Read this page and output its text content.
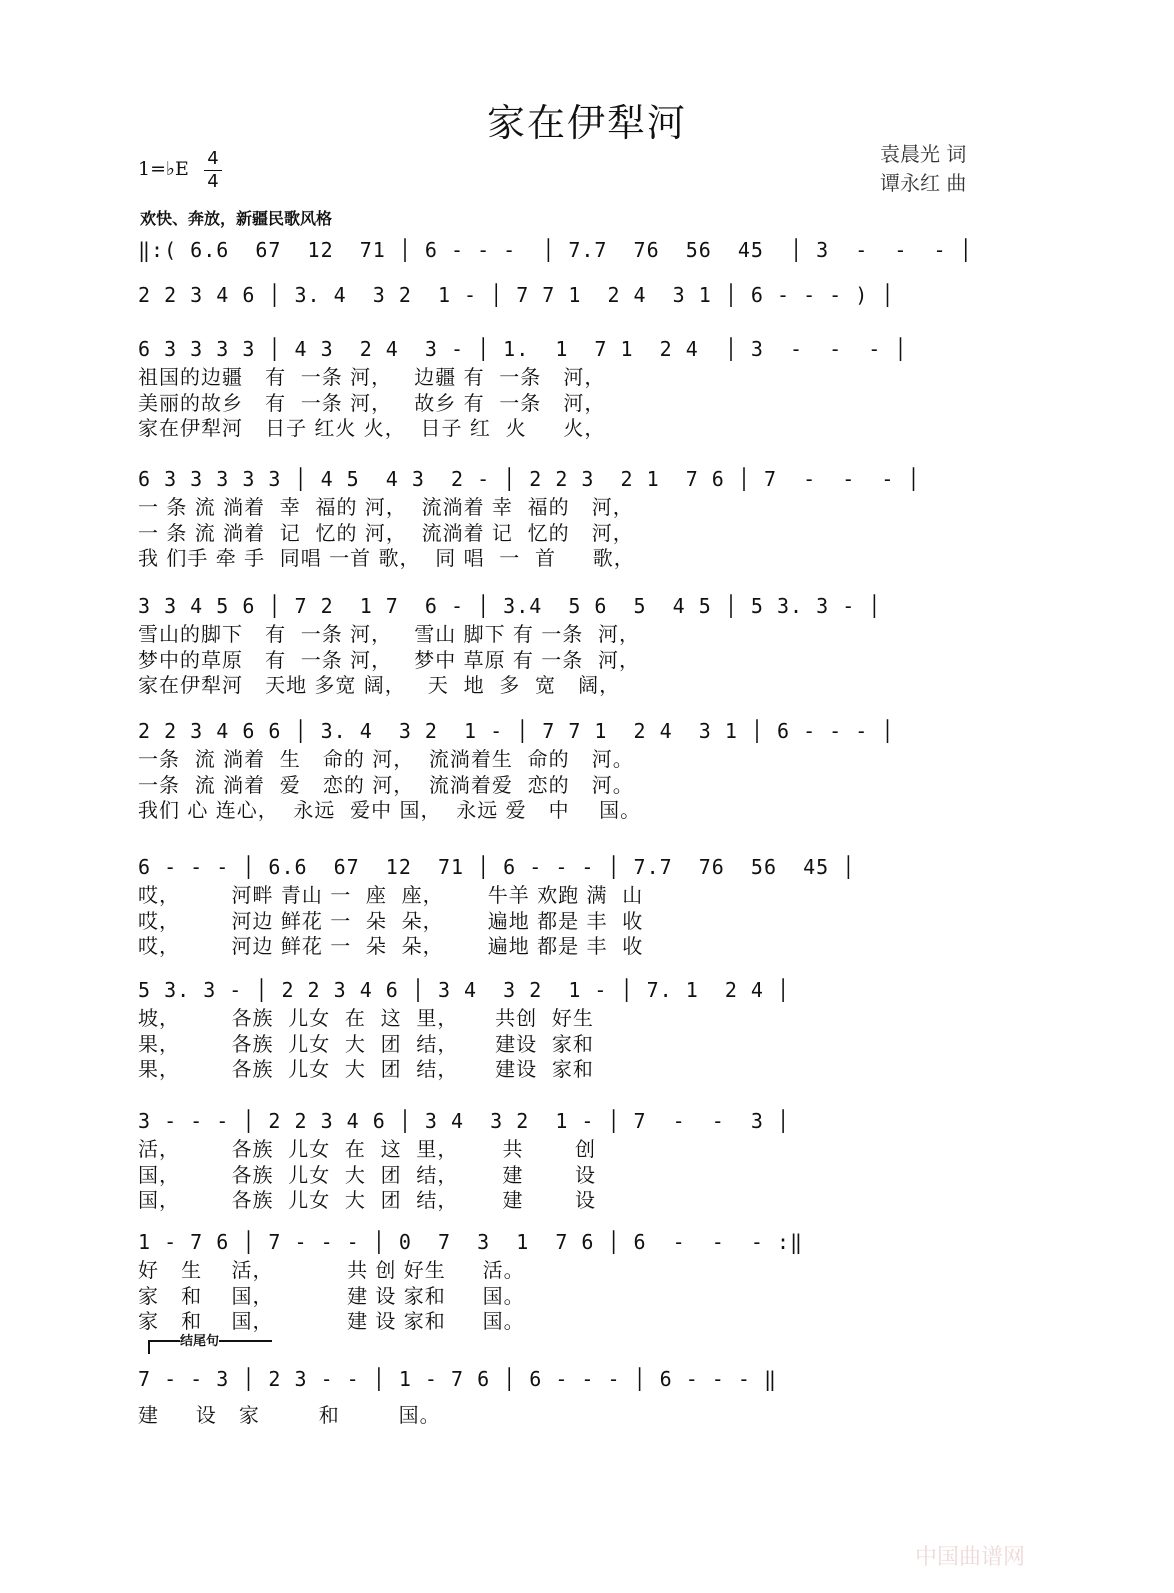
家在伊犁河
袁晨光 词
谭永红 曲
1=♭E 4
4
欢快、奔放，新疆民歌风格
结尾句
中国曲谱网
‖:( 6.6  67  12  71 │ 6 - - -  │ 7.7  76  56  45  │ 3  -  -  - │
2 2 3 4 6 │ 3. 4  3 2  1 - │ 7 7 1  2 4  3 1 │ 6 - - - ) │
6 3 3 3 3 │ 4 3  2 4  3 - │ 1.  1  7 1  2 4  │ 3  -  -  - │
祖国的边疆   有  一条 河，   边疆 有  一条   河，
美丽的故乡   有  一条 河，   故乡 有  一条   河，
家在伊犁河   日子 红火 火，  日子 红  火     火，
6 3 3 3 3 3 │ 4 5  4 3  2 - │ 2 2 3  2 1  7 6 │ 7  -  -  - │
一 条 流 淌着  幸  福的 河，  流淌着 幸  福的   河，
一 条 流 淌着  记  忆的 河，  流淌着 记  忆的   河，
我 们手 牵 手  同唱 一首 歌，  同 唱  一  首     歌，
3 3 4 5 6 │ 7 2  1 7  6 - │ 3.4  5 6  5  4 5 │ 5 3. 3 - │
雪山的脚下   有  一条 河，   雪山 脚下 有 一条  河，
梦中的草原   有  一条 河，   梦中 草原 有 一条  河，
家在伊犁河   天地 多宽 阔，   天  地  多  宽   阔，
2 2 3 4 6 6 │ 3. 4  3 2  1 - │ 7 7 1  2 4  3 1 │ 6 - - - │
一条  流 淌着  生   命的 河，  流淌着生  命的   河。
一条  流 淌着  爱   恋的 河，  流淌着爱  恋的   河。
我们 心 连心，  永远  爱中 国，  永远 爱   中    国。
6 - - - │ 6.6  67  12  71 │ 6 - - - │ 7.7  76  56  45 │
哎，       河畔 青山 一  座  座，      牛羊 欢跑 满  山
哎，       河边 鲜花 一  朵  朵，      遍地 都是 丰  收
哎，       河边 鲜花 一  朵  朵，      遍地 都是 丰  收
5 3. 3 - │ 2 2 3 4 6 │ 3 4  3 2  1 - │ 7. 1  2 4 │
坡，       各族  儿女  在  这  里，     共创  好生
果，       各族  儿女  大  团  结，     建设  家和
果，       各族  儿女  大  团  结，     建设  家和
3 - - - │ 2 2 3 4 6 │ 3 4  3 2  1 - │ 7  -  -  3 │
活，       各族  儿女  在  这  里，      共       创
国，       各族  儿女  大  团  结，      建       设
国，       各族  儿女  大  团  结，      建       设
1 - 7 6 │ 7 - - - │ 0  7  3  1  7 6 │ 6  -  -  - :‖
好   生    活，          共 创 好生     活。
家   和    国，          建 设 家和     国。
家   和    国，          建 设 家和     国。
7 - - 3 │ 2 3 - - │ 1 - 7 6 │ 6 - - - │ 6 - - - ‖
建     设   家        和        国。
